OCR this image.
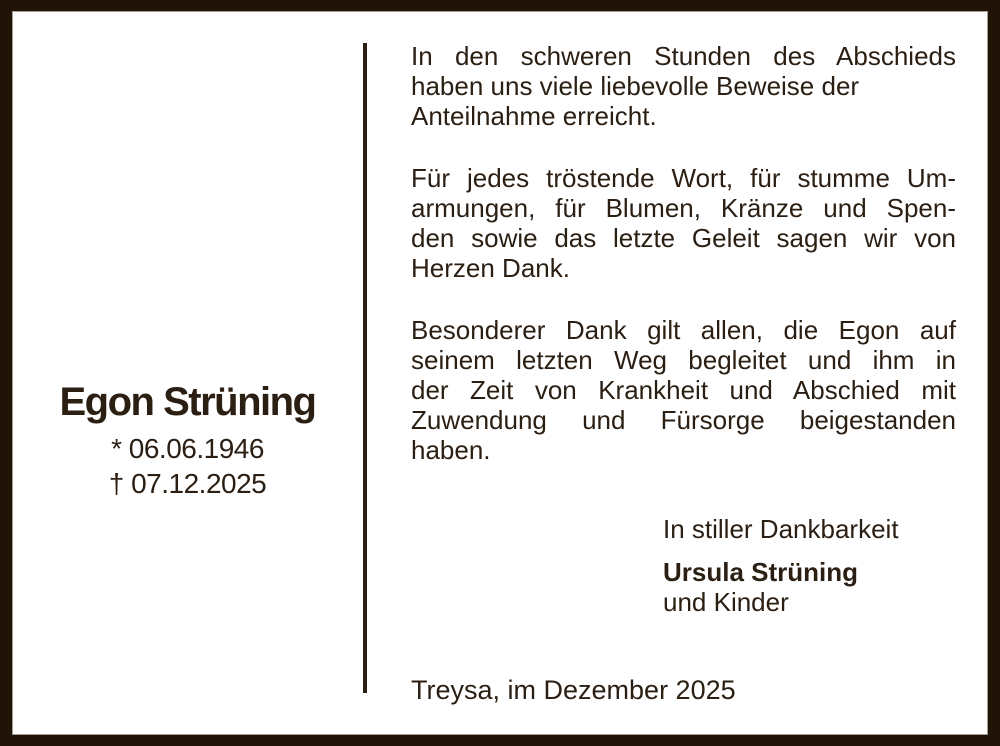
Egon Strüning
* 06.06.1946
† 07.12.2025
In den schweren Stunden des Abschieds
haben uns viele liebevolle Beweise der
Anteilnahme erreicht.
Für jedes tröstende Wort, für stumme Um-
armungen, für Blumen, Kränze und Spen-
den sowie das letzte Geleit sagen wir von
Herzen Dank.
Besonderer Dank gilt allen, die Egon auf
seinem letzten Weg begleitet und ihm in
der Zeit von Krankheit und Abschied mit
Zuwendung und Fürsorge beigestanden
haben.
In stiller Dankbarkeit
Ursula Strüning
und Kinder
Treysa, im Dezember 2025
